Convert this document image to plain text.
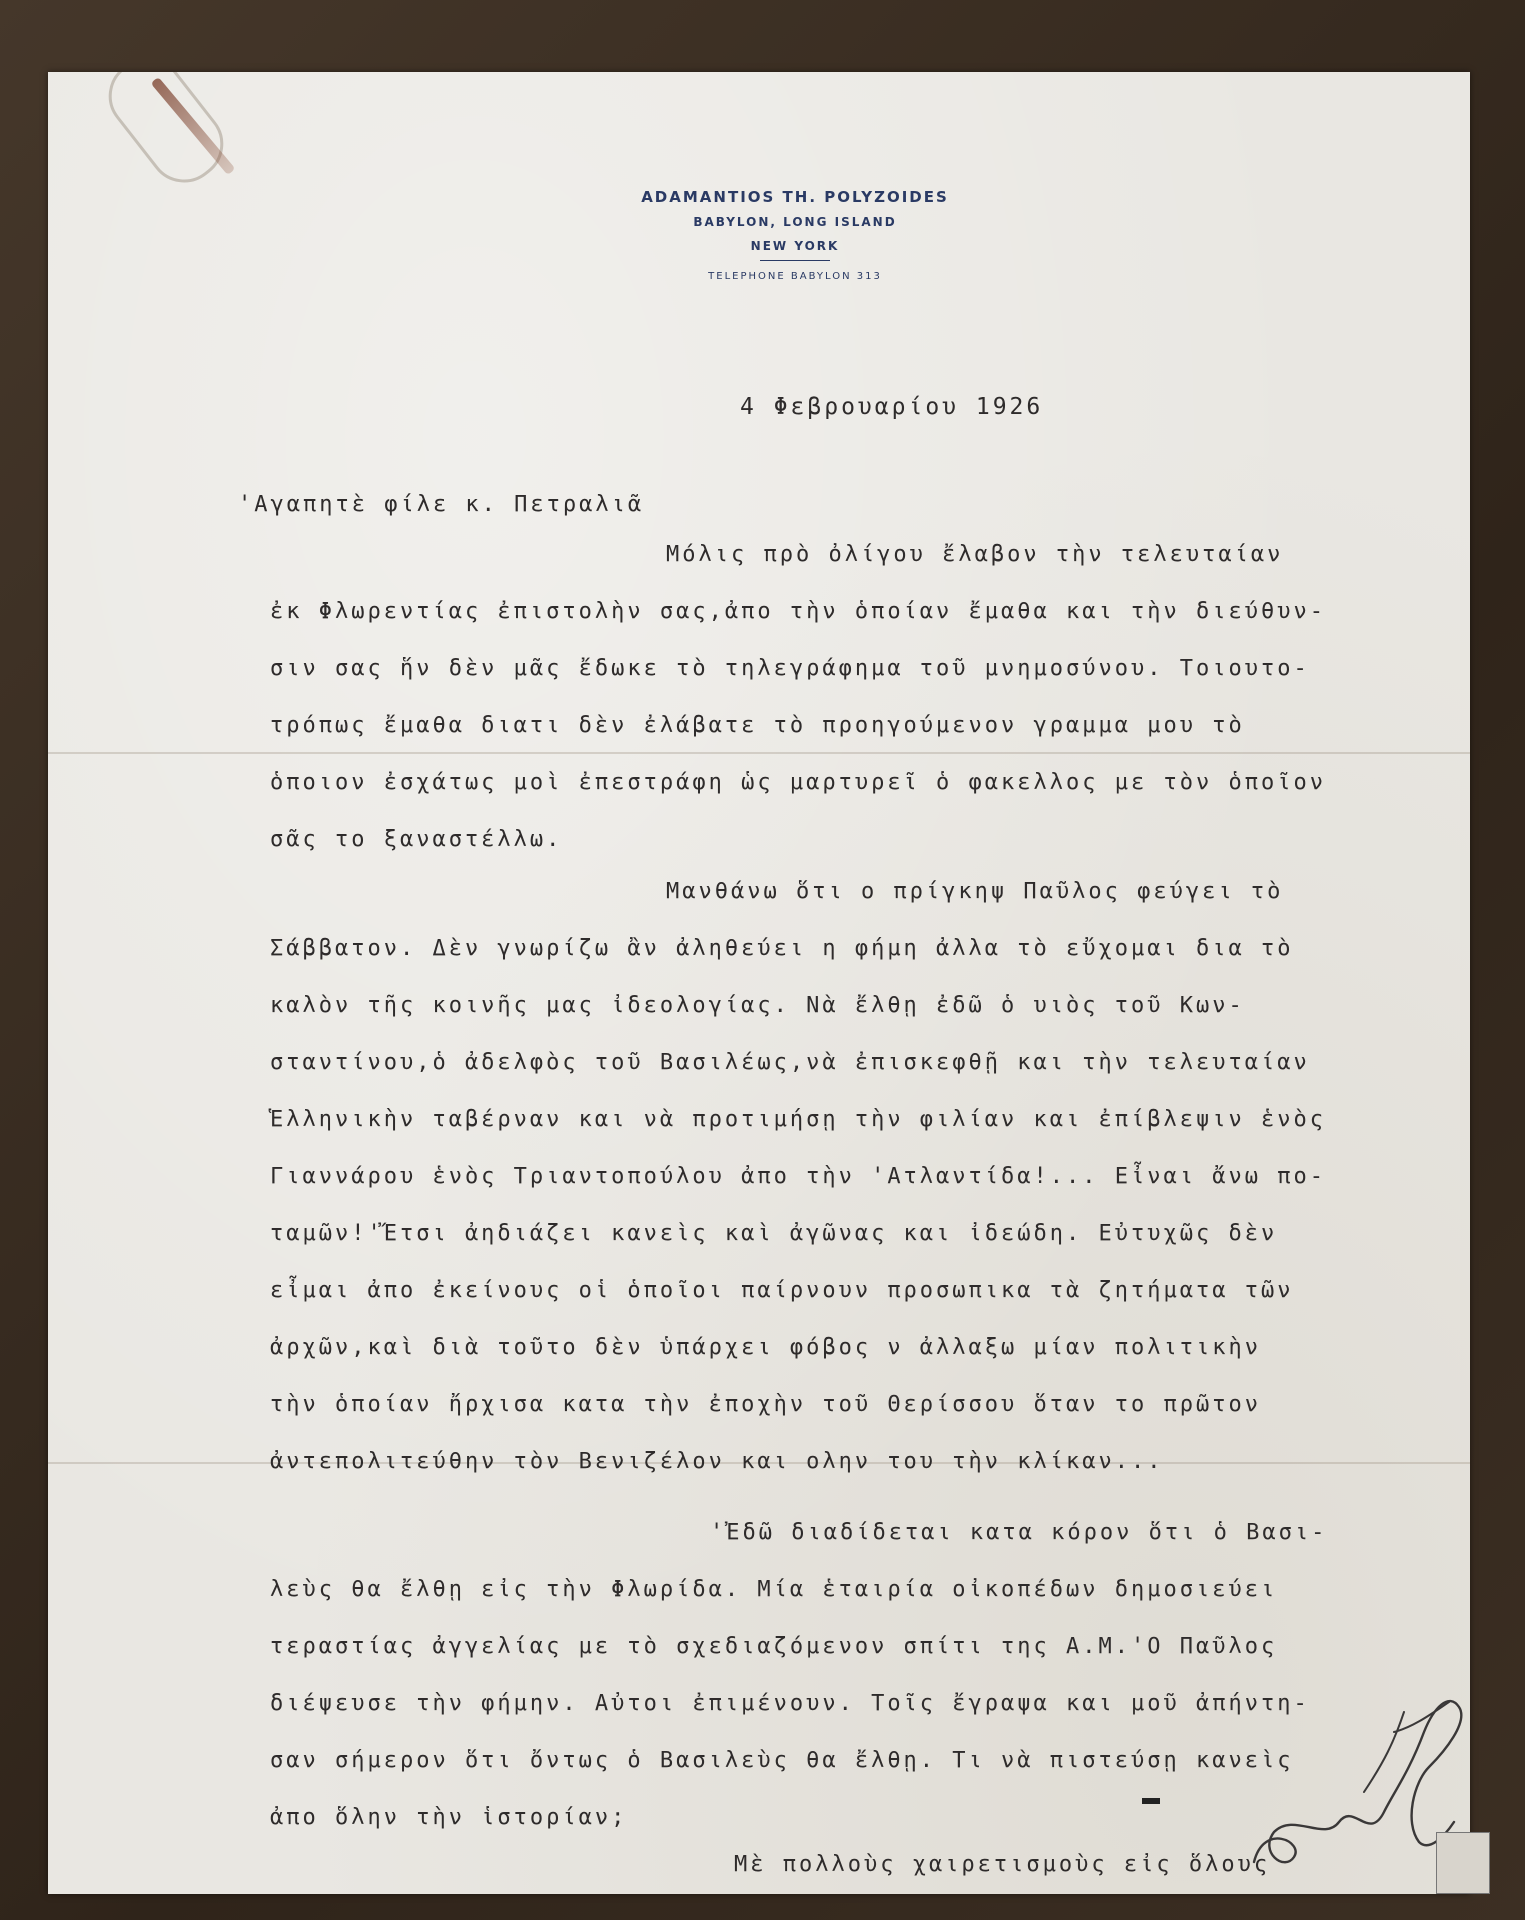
ADAMANTIOS TH. POLYZOIDES
BABYLON, LONG ISLAND
NEW YORK
TELEPHONE BABYLON 313
4 Φεβρουαρίου 1926
'Αγαπητὲ φίλε κ. Πετραλιᾶ
Μόλις πρὸ ὀλίγου ἔλαβον τὴν τελευταίαν
ἐκ Φλωρεντίας ἐπιστολὴν σας,ἀπο τὴν ὁποίαν ἔμαθα και τὴν διεύθυν-
σιν σας ἥν δὲν μᾶς ἔδωκε τὸ τηλεγράφημα τοῦ μνημοσύνου. Τοιουτο-
τρόπως ἔμαθα διατι δὲν ἐλάβατε τὸ προηγούμενον γραμμα μου τὸ
ὁποιον ἐσχάτως μοὶ ἐπεστράφη ὡς μαρτυρεῖ ὁ φακελλος με τὸν ὁποῖον
σᾶς το ξαναστέλλω.
Μανθάνω ὅτι ο πρίγκηψ Παῦλος φεύγει τὸ
Σάββατον. Δὲν γνωρίζω ἂν ἀληθεύει η φήμη ἀλλα τὸ εὔχομαι δια τὸ
καλὸν τῆς κοινῆς μας ἰδεολογίας. Νὰ ἔλθῃ ἐδῶ ὁ υιὸς τοῦ Κων-
σταντίνου,ὁ ἀδελφὸς τοῦ Βασιλέως,νὰ ἐπισκεφθῇ και τὴν τελευταίαν
Ἑλληνικὴν ταβέρναν και νὰ προτιμήσῃ τὴν φιλίαν και ἐπίβλεψιν ἑνὸς
Γιαννάρου ἑνὸς Τριαντοπούλου ἀπο τὴν 'Ατλαντίδα!... Εἶναι ἄνω πο-
ταμῶν!'Ἔτσι ἀηδιάζει κανεὶς καὶ ἀγῶνας και ἰδεώδη. Εὐτυχῶς δὲν
εἶμαι ἀπο ἐκείνους οἱ ὁποῖοι παίρνουν προσωπικα τὰ ζητήματα τῶν
ἀρχῶν,καὶ διὰ τοῦτο δὲν ὑπάρχει φόβος ν ἀλλαξω μίαν πολιτικὴν
τὴν ὁποίαν ἤρχισα κατα τὴν ἐποχὴν τοῦ Θερίσσου ὅταν το πρῶτον
ἀντεπολιτεύθην τὸν Βενιζέλον και ολην του τὴν κλίκαν...
'Ἐδῶ διαδίδεται κατα κόρον ὅτι ὁ Βασι-
λεὺς θα ἔλθῃ εἰς τὴν Φλωρίδα. Μία ἑταιρία οἰκοπέδων δημοσιεύει
τεραστίας ἀγγελίας με τὸ σχεδιαζόμενον σπίτι της Α.Μ.'Ο Παῦλος
διέψευσε τὴν φήμην. Αὐτοι ἐπιμένουν. Τοῖς ἔγραψα και μοῦ ἀπήντη-
σαν σήμερον ὅτι ὄντως ὁ Βασιλεὺς θα ἔλθῃ. Τι νὰ πιστεύσῃ κανεὶς
ἀπο ὅλην τὴν ἱστορίαν;
Μὲ πολλοὺς χαιρετισμοὺς εἰς ὅλους
